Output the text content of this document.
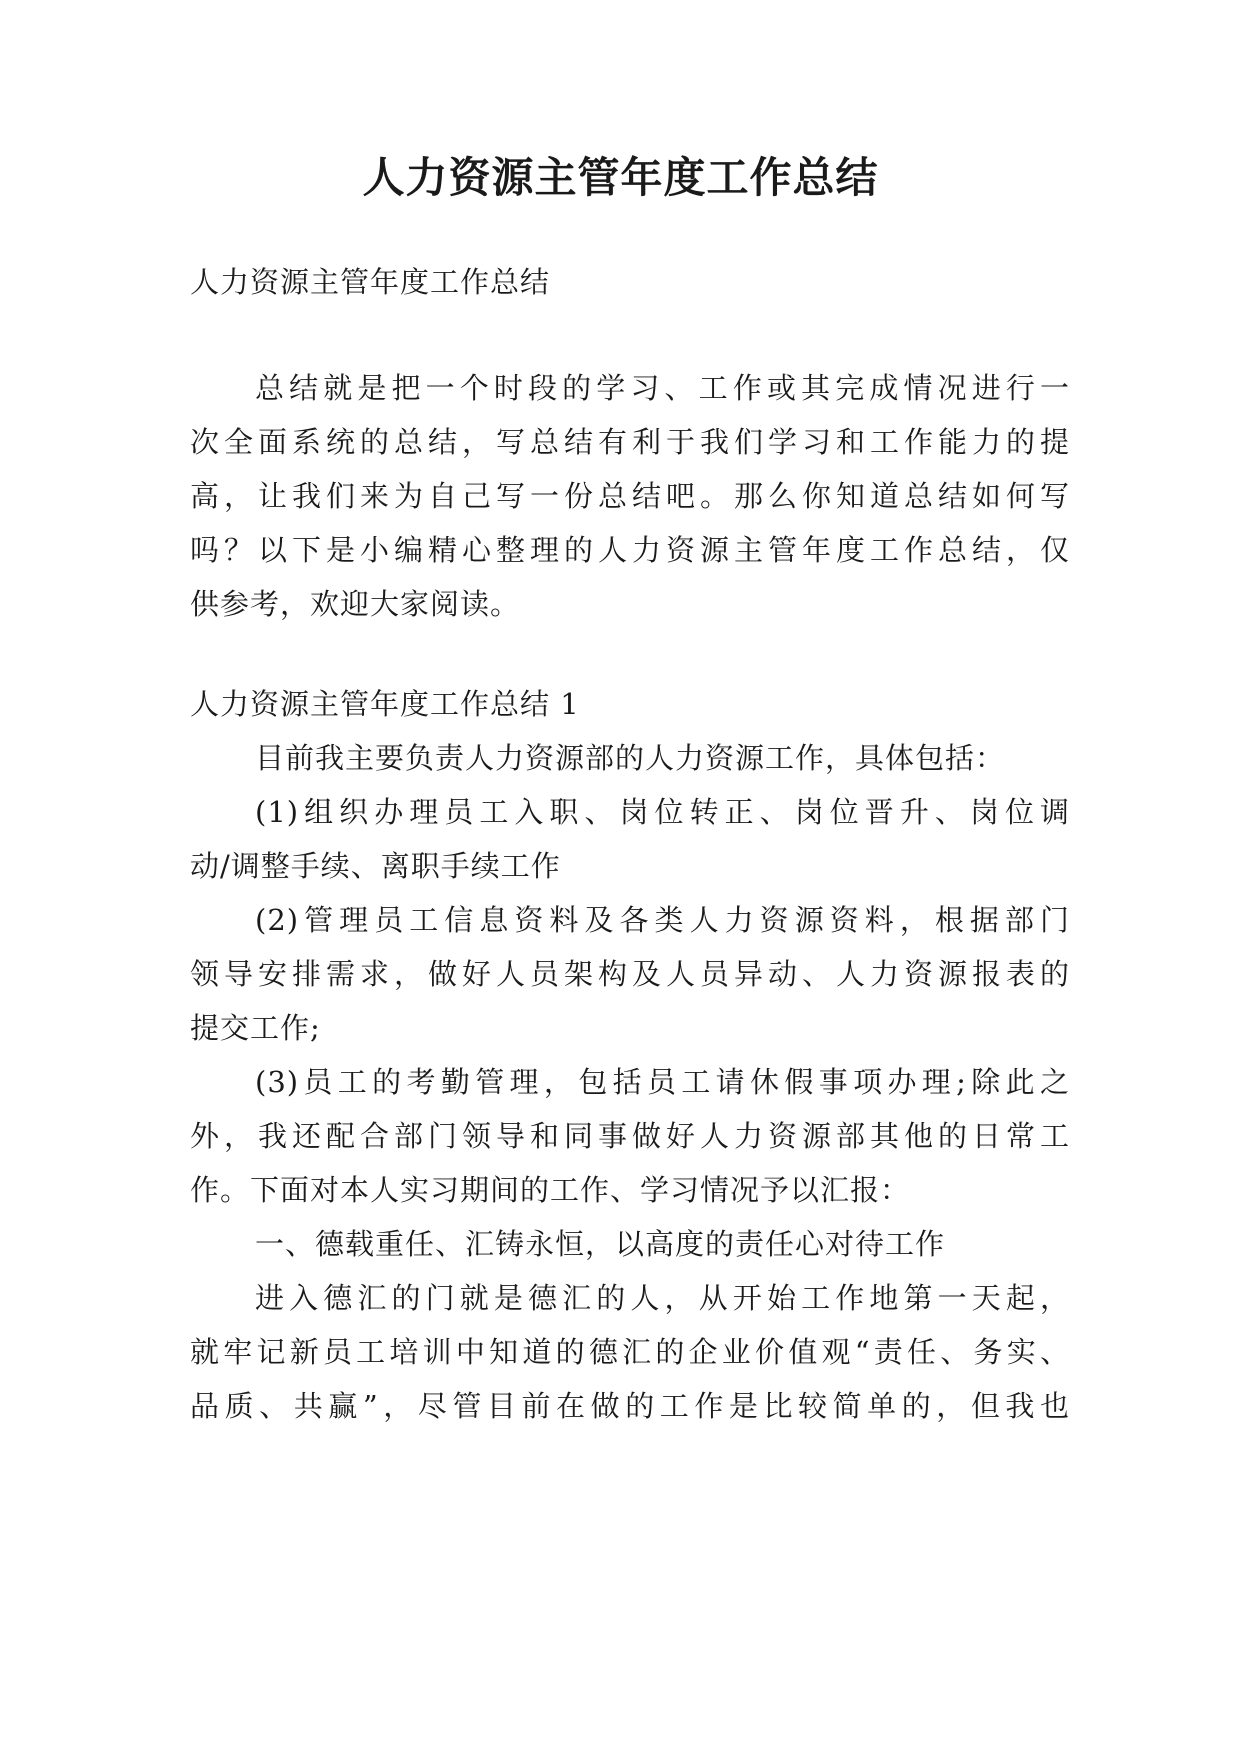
人力资源主管年度工作总结
人力资源主管年度工作总结
总结就是把一个时段的学习、工作或其完成情况进行一
次全面系统的总结，写总结有利于我们学习和工作能力的提
高，让我们来为自己写一份总结吧。那么你知道总结如何写
吗？以下是小编精心整理的人力资源主管年度工作总结，仅
供参考，欢迎大家阅读。
人力资源主管年度工作总结 1
目前我主要负责人力资源部的人力资源工作，具体包括：
(1)组织办理员工入职、岗位转正、岗位晋升、岗位调
动/调整手续、离职手续工作
(2)管理员工信息资料及各类人力资源资料，根据部门
领导安排需求，做好人员架构及人员异动、人力资源报表的
提交工作;
(3)员工的考勤管理，包括员工请休假事项办理;除此之
外，我还配合部门领导和同事做好人力资源部其他的日常工
作。下面对本人实习期间的工作、学习情况予以汇报：
一、德载重任、汇铸永恒，以高度的责任心对待工作
进入德汇的门就是德汇的人，从开始工作地第一天起，
就牢记新员工培训中知道的德汇的企业价值观“责任、务实、
品质、共赢”，尽管目前在做的工作是比较简单的，但我也
